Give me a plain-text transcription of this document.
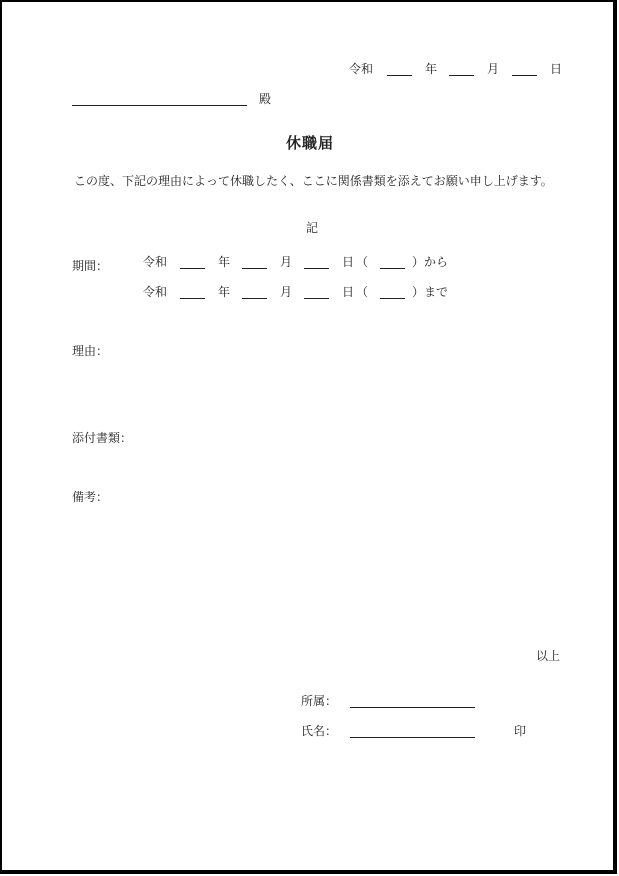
令和	年	月	日
殿
休職届
　この度、下記の理由によって休職したく、ここに関係書類を添えてお願い申し上げます。
記
期間：	令和	年	月	日 （	）から
令和	年	月	日 （	）まで
理由：
添付書類：
備考：
以上
所属：
氏名：	印
